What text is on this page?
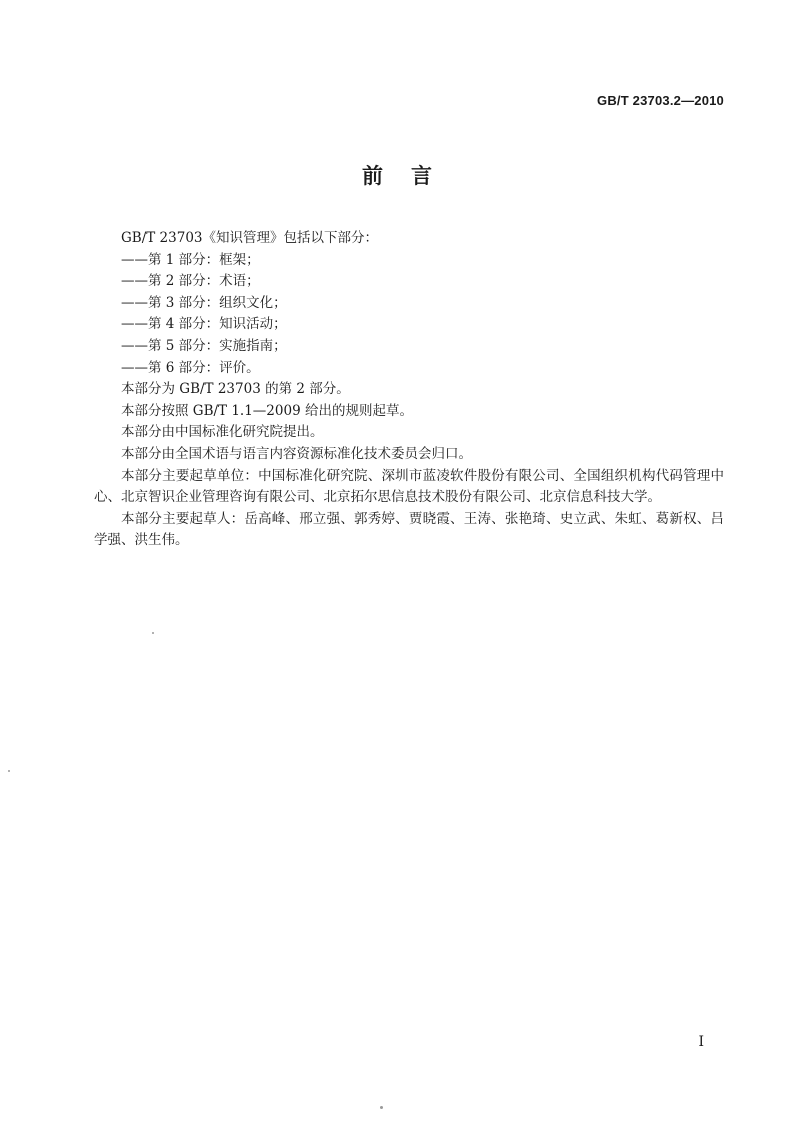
GB/T 23703.2—2010
前言
GB/T 23703《知识管理》包括以下部分：
——第 1 部分：框架；
——第 2 部分：术语；
——第 3 部分：组织文化；
——第 4 部分：知识活动；
——第 5 部分：实施指南；
——第 6 部分：评价。
本部分为 GB/T 23703 的第 2 部分。
本部分按照 GB/T 1.1—2009 给出的规则起草。
本部分由中国标准化研究院提出。
本部分由全国术语与语言内容资源标准化技术委员会归口。
本部分主要起草单位：中国标准化研究院、深圳市蓝凌软件股份有限公司、全国组织机构代码管理中心、北京智识企业管理咨询有限公司、北京拓尔思信息技术股份有限公司、北京信息科技大学。
本部分主要起草人：岳高峰、邢立强、郭秀婷、贾晓霞、王涛、张艳琦、史立武、朱虹、葛新权、吕学强、洪生伟。
I
